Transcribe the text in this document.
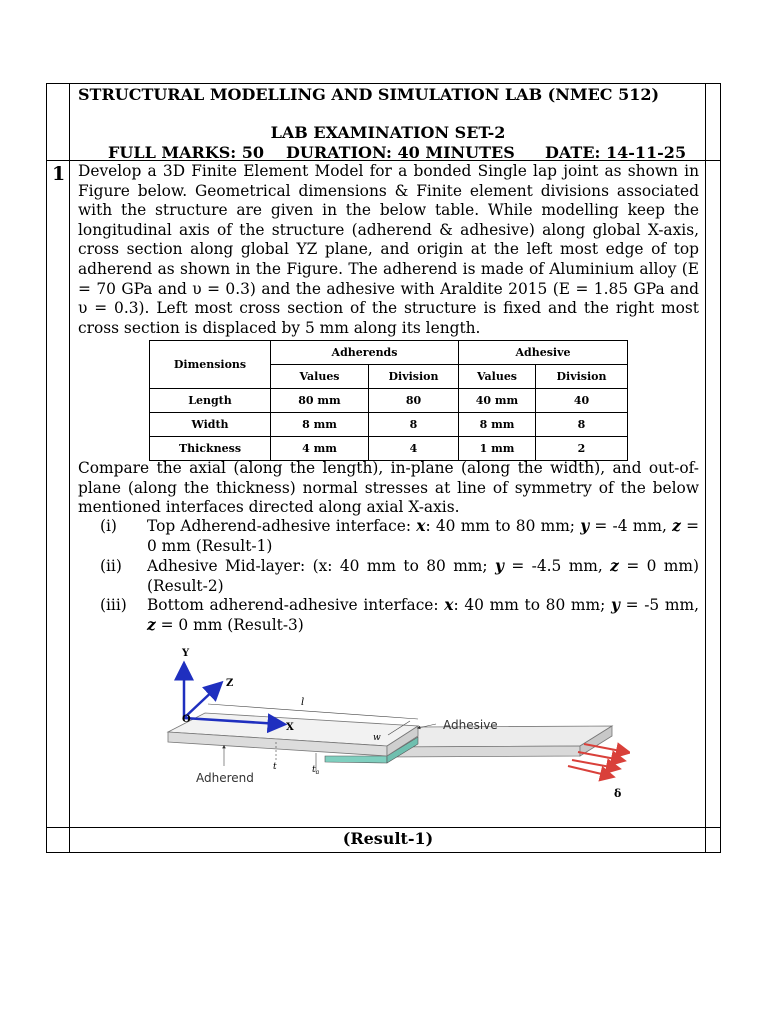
STRUCTURAL MODELLING AND SIMULATION LAB (NMEC 512)
LAB EXAMINATION SET-2
FULL MARKS: 50 DURATION: 40 MINUTES DATE: 14-11-25
1 Develop a 3D Finite Element Model for a bonded Single lap joint as shown in Figure below. Geometrical dimensions & Finite element divisions associated with the structure are given in the below table. While modelling keep the longitudinal axis of the structure (adherend & adhesive) along global X-axis, cross section along global YZ plane, and origin at the left most edge of top adherend as shown in the Figure. The adherend is made of Aluminium alloy (E = 70 GPa and υ = 0.3) and the adhesive with Araldite 2015 (E = 1.85 GPa and υ = 0.3). Left most cross section of the structure is fixed and the right most cross section is displaced by 5 mm along its length.
Dimensions	Adherends		Adhesive	
	Values	Division	Values	Division
Length	80 mm	80	40 mm	40
Width	8 mm	8	8 mm	8
Thickness	4 mm	4	1 mm	2
Compare the axial (along the length), in-plane (along the width), and out-of-plane (along the thickness) normal stresses at line of symmetry of the below mentioned interfaces directed along axial X-axis.
(i) Top Adherend-adhesive interface: x: 40 mm to 80 mm; y = -4 mm, z = 0 mm (Result-1)
(ii) Adhesive Mid-layer: (x: 40 mm to 80 mm; y = -4.5 mm, z = 0 mm) (Result-2)
(iii) Bottom adherend-adhesive interface: x: 40 mm to 80 mm; y = -5 mm, z = 0 mm (Result-3)
Y
Z
X
O
l
w
t	$t_a$
Adhesive
Adherend
δ
(Result-1)
